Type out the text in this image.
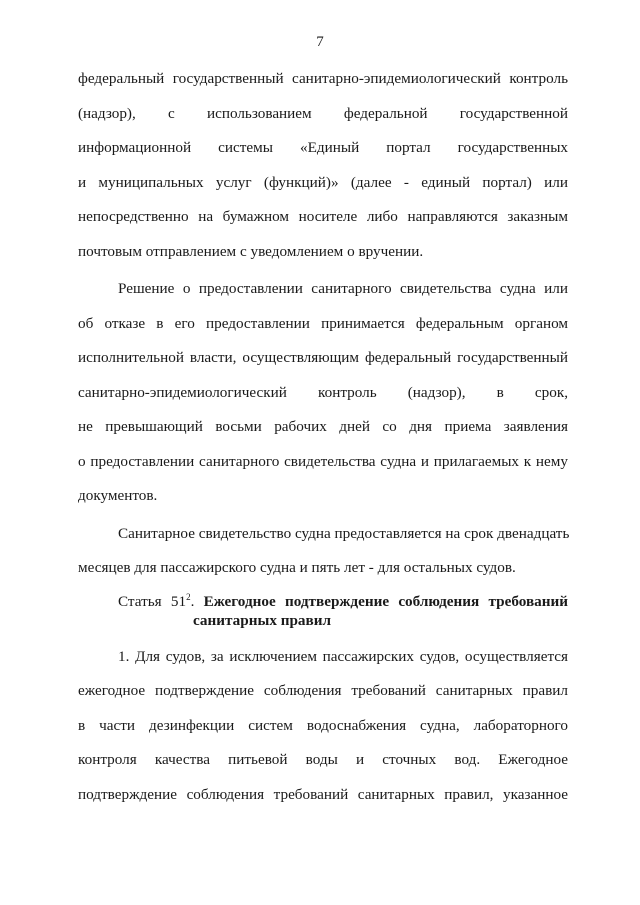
7
федеральный государственный санитарно-эпидемиологический контроль
(надзор), с использованием федеральной государственной
информационной системы «Единый портал государственных
и муниципальных услуг (функций)» (далее - единый портал) или
непосредственно на бумажном носителе либо направляются заказным
почтовым отправлением с уведомлением о вручении.
Решение о предоставлении санитарного свидетельства судна или
об отказе в его предоставлении принимается федеральным органом
исполнительной власти, осуществляющим федеральный государственный
санитарно-эпидемиологический контроль (надзор), в срок,
не превышающий восьми рабочих дней со дня приема заявления
о предоставлении санитарного свидетельства судна и прилагаемых к нему
документов.
Санитарное свидетельство судна предоставляется на срок двенадцать
месяцев для пассажирского судна и пять лет - для остальных судов.
Статья $51^2$. Ежегодное подтверждение соблюдения требований
санитарных правил
1. Для судов, за исключением пассажирских судов, осуществляется
ежегодное подтверждение соблюдения требований санитарных правил
в части дезинфекции систем водоснабжения судна, лабораторного
контроля качества питьевой воды и сточных вод. Ежегодное
подтверждение соблюдения требований санитарных правил, указанное
